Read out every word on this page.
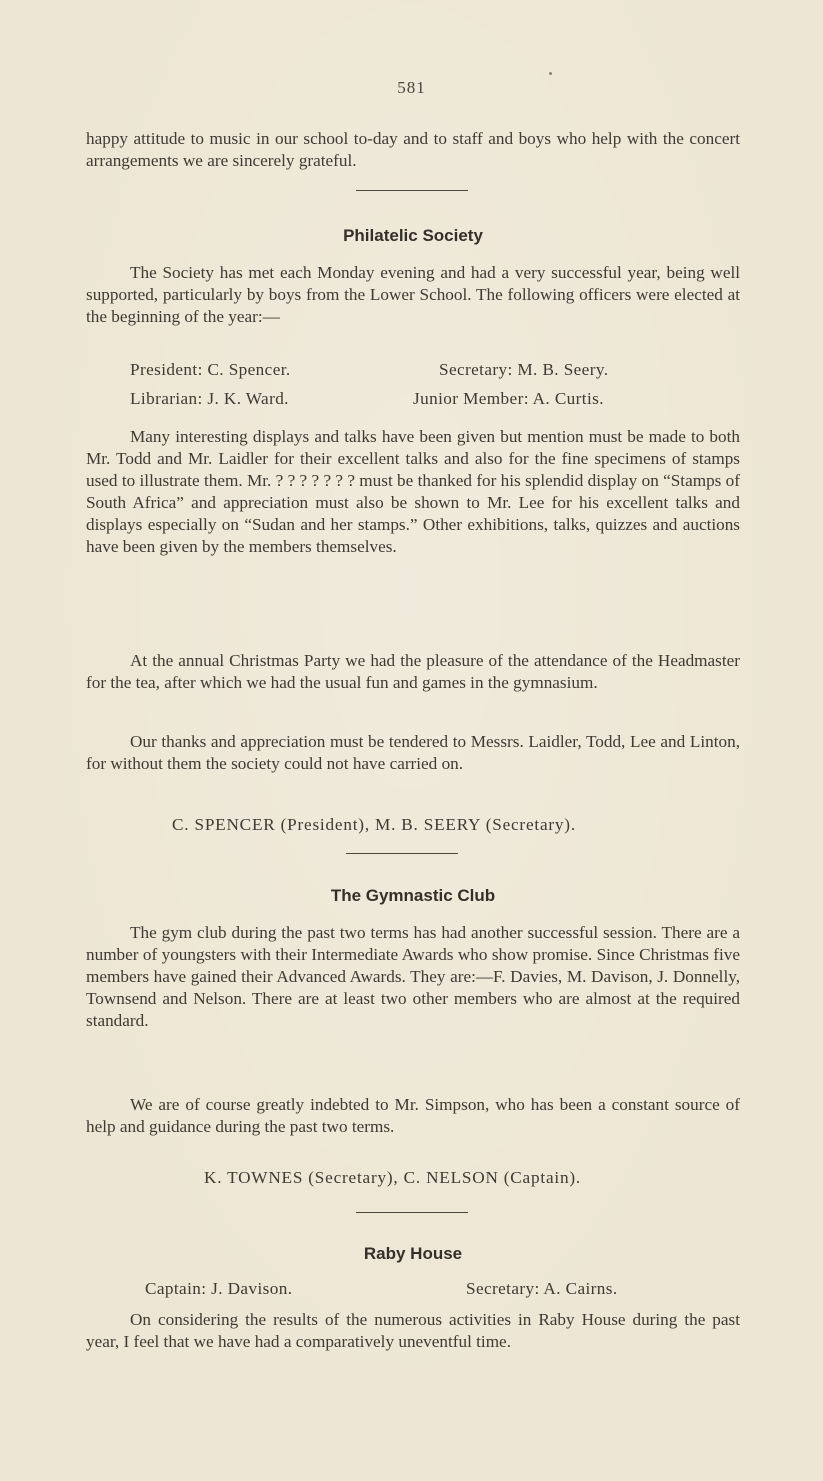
581

happy attitude to music in our school to-day and to staff and boys who help with the concert arrangements we are sincerely grateful.

Philatelic Society

The Society has met each Monday evening and had a very successful year, being well supported, particularly by boys from the Lower School. The following officers were elected at the beginning of the year:—

President: C. Spencer.	Secretary: M. B. Seery.
Librarian: J. K. Ward.	Junior Member: A. Curtis.

Many interesting displays and talks have been given but mention must be made to both Mr. Todd and Mr. Laidler for their excellent talks and also for the fine specimens of stamps used to illustrate them. Mr. ? ? ? ? ? ? ? must be thanked for his splendid display on “Stamps of South Africa” and appreciation must also be shown to Mr. Lee for his excellent talks and displays especially on “Sudan and her stamps.” Other exhibitions, talks, quizzes and auctions have been given by the members themselves.

At the annual Christmas Party we had the pleasure of the attendance of the Headmaster for the tea, after which we had the usual fun and games in the gymnasium.

Our thanks and appreciation must be tendered to Messrs. Laidler, Todd, Lee and Linton, for without them the society could not have carried on.

C. SPENCER (President), M. B. SEERY (Secretary).

The Gymnastic Club

The gym club during the past two terms has had another successful session. There are a number of youngsters with their Intermediate Awards who show promise. Since Christmas five members have gained their Advanced Awards. They are:—F. Davies, M. Davison, J. Donnelly, Townsend and Nelson. There are at least two other members who are almost at the required standard.

We are of course greatly indebted to Mr. Simpson, who has been a constant source of help and guidance during the past two terms.

K. TOWNES (Secretary), C. NELSON (Captain).

Raby House

Captain: J. Davison.	Secretary: A. Cairns.

On considering the results of the numerous activities in Raby House during the past year, I feel that we have had a comparatively uneventful time.
